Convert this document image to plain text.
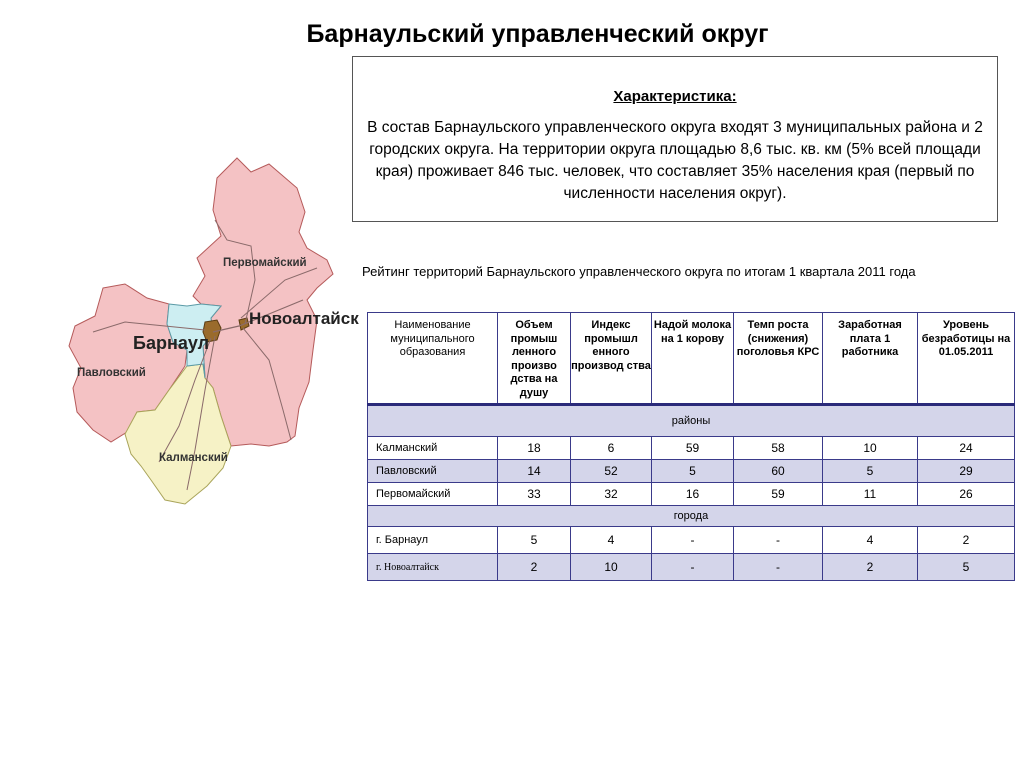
Барнаульский управленческий округ
Характеристика:
В состав Барнаульского управленческого округа входят 3 муниципальных района и 2 городских округа. На территории округа площадью 8,6 тыс. кв. км (5% всей площади края) проживает 846 тыс. человек, что составляет 35% населения края (первый по численности населения округ).
Первомайский
Новоалтайск
Барнаул
Павловский
Калманский
Рейтинг территорий Барнаульского управленческого округа по итогам 1 квартала 2011 года
Наименование муниципального образования	Объем промыш ленного произво дства на душу	Индекс промышл енного производ ства	Надой молока на 1 корову	Темп роста (снижения) поголовья КРС	Заработная плата 1 работника	Уровень безработицы на 01.05.2011
районы						
Калманский	18	6	59	58	10	24
Павловский	14	52	5	60	5	29
Первомайский	33	32	16	59	11	26
города						
г. Барнаул	5	4	-	-	4	2
г. Новоалтайск	2	10	-	-	2	5
